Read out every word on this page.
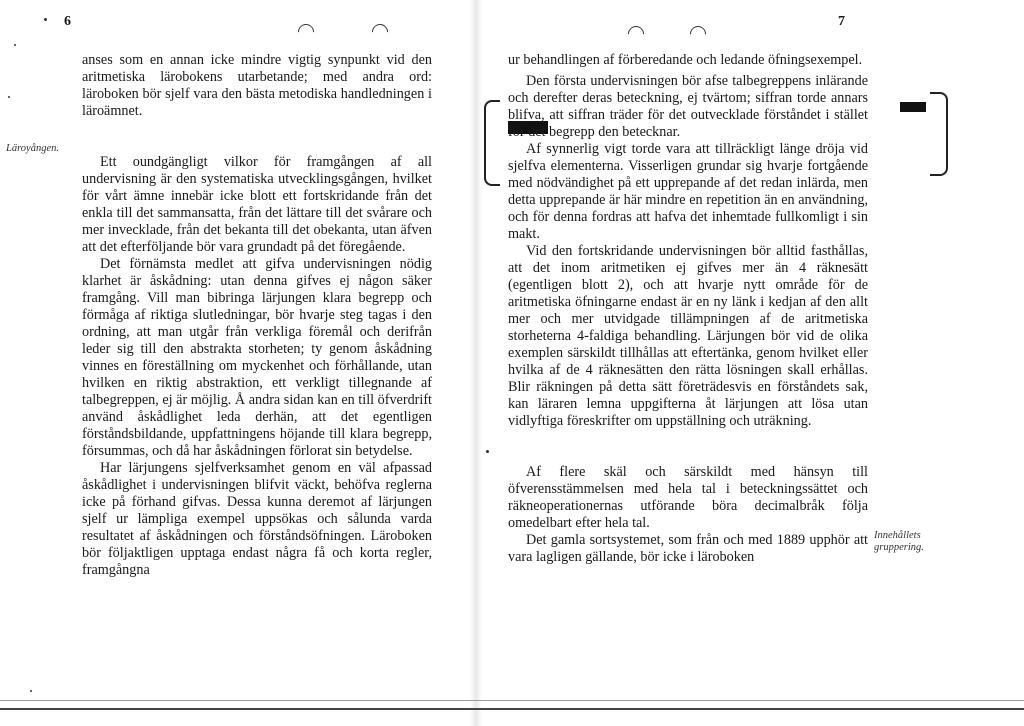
6
Läroyången.

anses som en annan icke mindre vigtig synpunkt vid den aritmetiska lärobokens utarbetande; med andra ord: läroboken bör sjelf vara den bästa metodiska handledningen i läroämnet.

Ett oundgängligt vilkor för framgången af all undervisning är den systematiska utvecklingsgången, hvilket för vårt ämne innebär icke blott ett fortskridande från det enkla till det sammansatta, från det lättare till det svårare och mer invecklade, från det bekanta till det obekanta, utan äfven att det efterföljande bör vara grundadt på det föregående.

Det förnämsta medlet att gifva undervisningen nödig klarhet är åskådning: utan denna gifves ej någon säker framgång. Vill man bibringa lärjungen klara begrepp och förmåga af riktiga slutledningar, bör hvarje steg tagas i den ordning, att man utgår från verkliga föremål och derifrån leder sig till den abstrakta storheten; ty genom åskådning vinnes en föreställning om myckenhet och förhållande, utan hvilken en riktig abstraktion, ett verkligt tillegnande af talbegreppen, ej är möjlig. Å andra sidan kan en till öfverdrift använd åskådlighet leda derhän, att det egentligen förståndsbildande, uppfattningens höjande till klara begrepp, försummas, och då har åskådningen förlorat sin betydelse.

Har lärjungens sjelfverksamhet genom en väl afpassad åskådlighet i undervisningen blifvit väckt, behöfva reglerna icke på förhand gifvas. Dessa kunna deremot af lärjungen sjelf ur lämpliga exempel uppsökas och sålunda varda resultatet af åskådningen och förståndsöfningen. Läroboken bör följaktligen upptaga endast några få och korta regler, framgångna

7
Innehållets gruppering.

ur behandlingen af förberedande och ledande öfningsexempel.

Den första undervisningen bör afse talbegreppens inlärande och derefter deras beteckning, ej tvärtom; siffran torde annars blifva, att siffran träder för det outvecklade förståndet i stället för det begrepp den betecknar.

Af synnerlig vigt torde vara att tillräckligt länge dröja vid sjelfva elementerna. Visserligen grundar sig hvarje fortgående med nödvändighet på ett upprepande af det redan inlärda, men detta upprepande är här mindre en repetition än en användning, och för denna fordras att hafva det inhemtade fullkomligt i sin makt.

Vid den fortskridande undervisningen bör alltid fasthållas, att det inom aritmetiken ej gifves mer än 4 räknesätt (egentligen blott 2), och att hvarje nytt område för de aritmetiska öfningarne endast är en ny länk i kedjan af den allt mer och mer utvidgade tillämpningen af de aritmetiska storheterna 4-faldiga behandling. Lärjungen bör vid de olika exemplen särskildt tillhållas att eftertänka, genom hvilket eller hvilka af de 4 räknesätten den rätta lösningen skall erhållas. Blir räkningen på detta sätt företrädesvis en förståndets sak, kan läraren lemna uppgifterna åt lärjungen att lösa utan vidlyftiga föreskrifter om uppställning och uträkning.

Af flere skäl och särskildt med hänsyn till öfverensstämmelsen med hela tal i beteckningssättet och räkneoperationernas utförande böra decimalbråk följa omedelbart efter hela tal.

Det gamla sortsystemet, som från och med 1889 upphör att vara lagligen gällande, bör icke i läroboken
